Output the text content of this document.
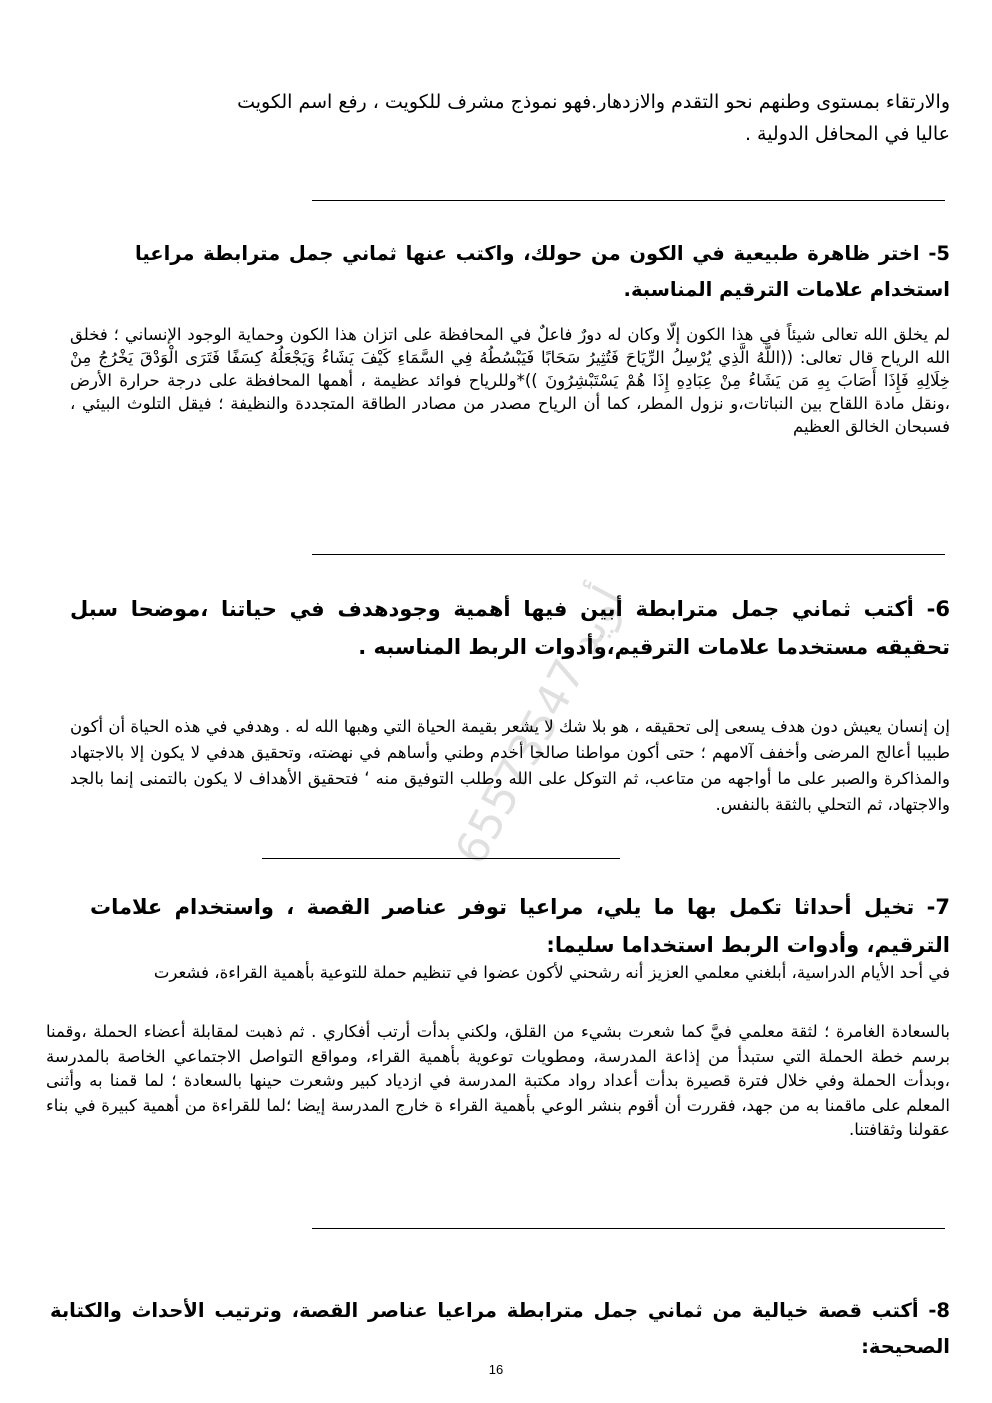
والارتقاء بمستوى وطنهم نحو التقدم والازدهار.فهو نموذج مشرف للكويت ، رفع اسم الكويت
عاليا في المحافل الدولية .
5- اختر ظاهرة طبيعية في الكون من حولك، واكتب عنها ثماني جمل مترابطة مراعيا استخدام علامات الترقيم المناسبة.
لم يخلق الله تعالى شيئاً في هذا الكون إلّا وكان له دورٌ فاعلٌ في المحافظة على اتزان هذا الكون وحماية الوجود الإنساني ؛ فخلق الله الرياح قال تعالى: ((اللَّهُ الَّذِي يُرْسِلُ الرِّيَاحَ فَتُثِيرُ سَحَابًا فَيَبْسُطُهُ فِي السَّمَاءِ كَيْفَ يَشَاءُ وَيَجْعَلُهُ كِسَفًا فَتَرَى الْوَدْقَ يَخْرُجُ مِنْ خِلَالِهِ فَإِذَا أَصَابَ بِهِ مَن يَشَاءُ مِنْ عِبَادِهِ إِذَا هُمْ يَسْتَبْشِرُونَ ))*وللرياح فوائد عظيمة ، أهمها المحافظة على درجة حرارة الأرض ،ونقل مادة اللقاح بين النباتات،و نزول المطر، كما أن الرياح مصدر من مصادر الطاقة المتجددة والنظيفة ؛ فيقل التلوث البيئي ، فسبحان الخالق العظيم
6- أكتب ثماني جمل مترابطة أبين فيها أهمية وجودهدف في حياتنا ،موضحا سبل تحقيقه مستخدما علامات الترقيم،وأدوات الربط المناسبه .
إن إنسان يعيش دون هدف يسعى إلى تحقيقه ، هو بلا شك لا يشعر بقيمة الحياة التي وهبها الله له . وهدفي في هذه الحياة أن أكون طبيبا أعالج المرضى وأخفف آلامهم ؛ حتى أكون مواطنا صالحا أخدم وطني وأساهم في نهضته، وتحقيق هدفي لا يكون إلا بالاجتهاد والمذاكرة والصبر على ما أواجهه من متاعب، ثم التوكل على الله وطلب التوفيق منه ‘ فتحقيق الأهداف لا يكون بالتمنى إنما بالجد والاجتهاد، ثم التحلي بالثقة بالنفس.
7- تخيل أحداثا تكمل بها ما يلي، مراعيا توفر عناصر القصة ، واستخدام علامات الترقيم، وأدوات الربط استخداما سليما:
في أحد الأيام الدراسية، أبلغني معلمي العزيز أنه رشحني لأكون عضوا في تنظيم حملة للتوعية بأهمية القراءة، فشعرت
بالسعادة الغامرة ؛ لثقة معلمي فيَّ كما شعرت بشيء من القلق، ولكني بدأت أرتب أفكاري . ثم ذهبت لمقابلة أعضاء الحملة ،وقمنا برسم خطة الحملة التي ستبدأ من إذاعة المدرسة، ومطويات توعوية بأهمية القراء، ومواقع التواصل الاجتماعي الخاصة بالمدرسة ،وبدأت الحملة وفي خلال فترة قصيرة بدأت أعداد رواد مكتبة المدرسة في ازدياد كبير وشعرت حينها بالسعادة ؛ لما قمنا به وأثنى المعلم على ماقمنا به من جهد، فقررت أن أقوم بنشر الوعي بأهمية القراء ة خارج المدرسة إيضا ؛لما للقراءة من أهمية كبيرة في بناء عقولنا وثقافتنا.
8- أكتب قصة خيالية من ثماني جمل مترابطة مراعيا عناصر القصة، وترتيب الأحداث والكتابة الصحيحة:
أويد 65573547
16
